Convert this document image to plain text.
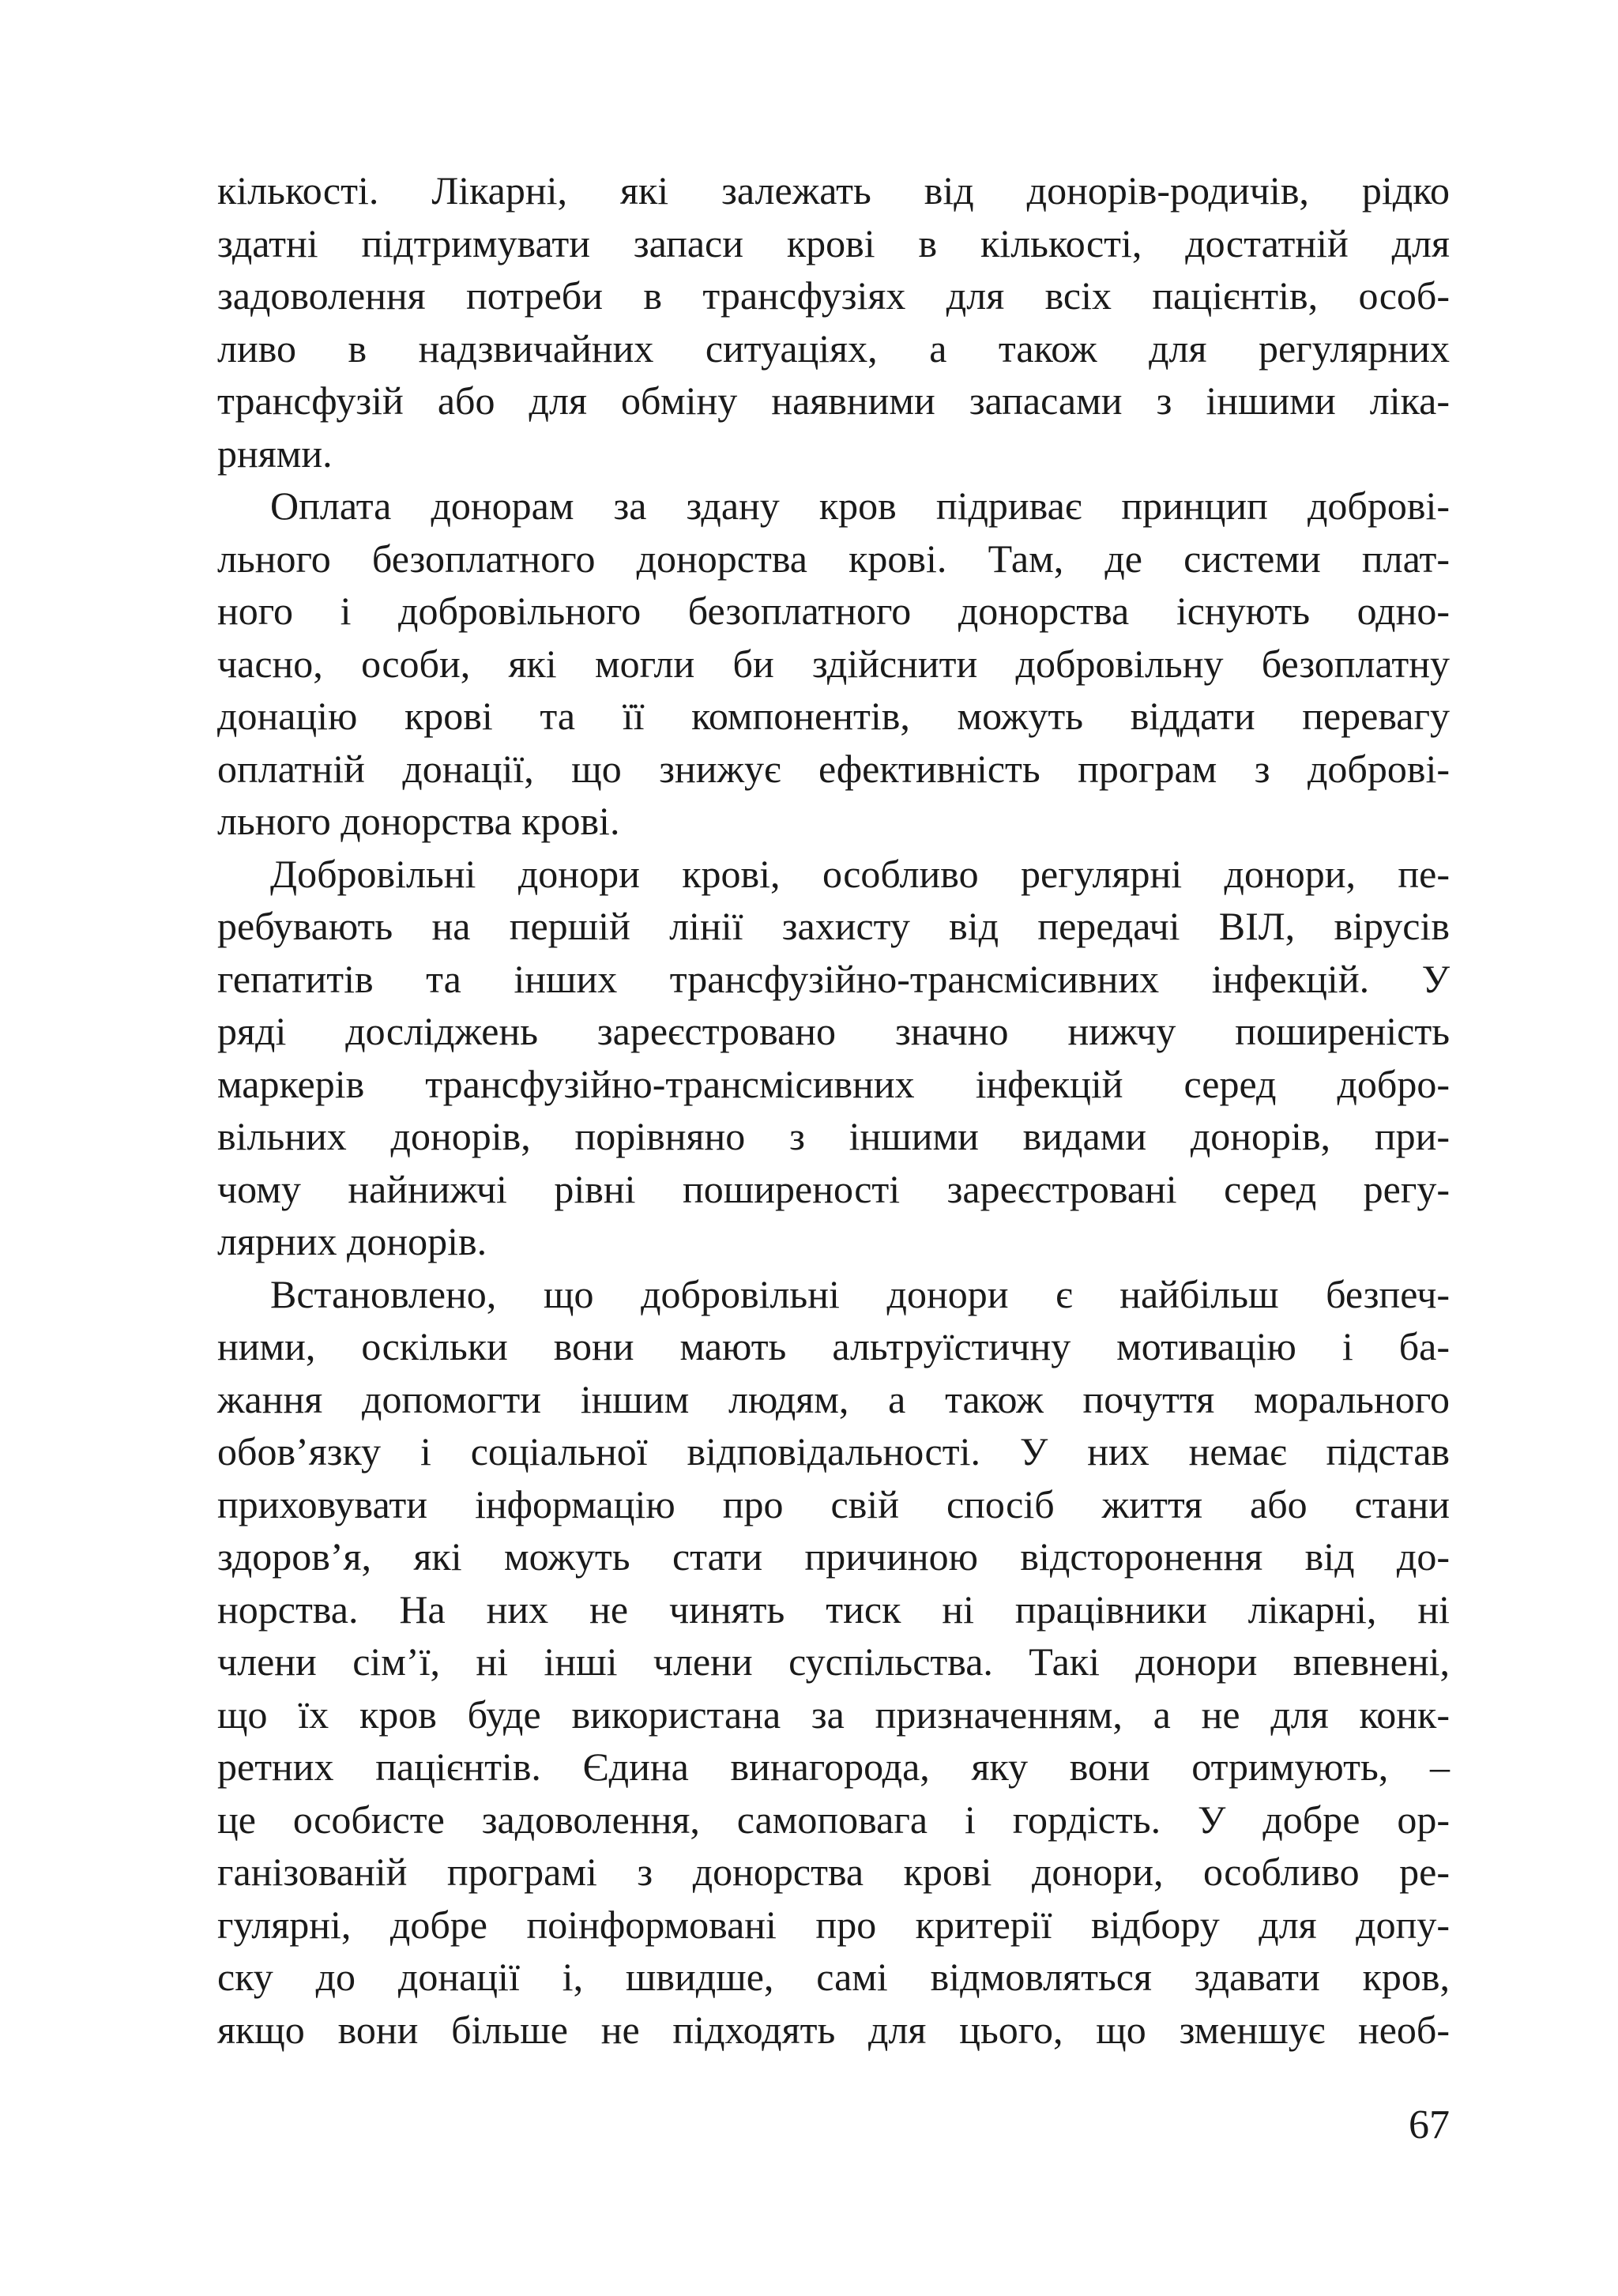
кількості. Лікарні, які залежать від донорів-родичів, рідко
здатні підтримувати запаси крові в кількості, достатній для
задоволення потреби в трансфузіях для всіх пацієнтів, особ-
ливо в надзвичайних ситуаціях, а також для регулярних
трансфузій або для обміну наявними запасами з іншими ліка-
рнями.
Оплата донорам за здану кров підриває принцип доброві-
льного безоплатного донорства крові. Там, де системи плат-
ного і добровільного безоплатного донорства існують одно-
часно, особи, які могли би здійснити добровільну безоплатну
донацію крові та її компонентів, можуть віддати перевагу
оплатній донації, що знижує ефективність програм з доброві-
льного донорства крові.
Добровільні донори крові, особливо регулярні донори, пе-
ребувають на першій лінії захисту від передачі ВІЛ, вірусів
гепатитів та інших трансфузійно-трансмісивних інфекцій. У
ряді досліджень зареєстровано значно нижчу поширеність
маркерів трансфузійно-трансмісивних інфекцій серед добро-
вільних донорів, порівняно з іншими видами донорів, при-
чому найнижчі рівні поширеності зареєстровані серед регу-
лярних донорів.
Встановлено, що добровільні донори є найбільш безпеч-
ними, оскільки вони мають альтруїстичну мотивацію і ба-
жання допомогти іншим людям, а також почуття морального
обов’язку і соціальної відповідальності. У них немає підстав
приховувати інформацію про свій спосіб життя або стани
здоров’я, які можуть стати причиною відсторонення від до-
норства. На них не чинять тиск ні працівники лікарні, ні
члени сім’ї, ні інші члени суспільства. Такі донори впевнені,
що їх кров буде використана за призначенням, а не для конк-
ретних пацієнтів. Єдина винагорода, яку вони отримують, –
це особисте задоволення, самоповага і гордість. У добре ор-
ганізованій програмі з донорства крові донори, особливо ре-
гулярні, добре поінформовані про критерії відбору для допу-
ску до донації і, швидше, самі відмовляться здавати кров,
якщо вони більше не підходять для цього, що зменшує необ-
67
